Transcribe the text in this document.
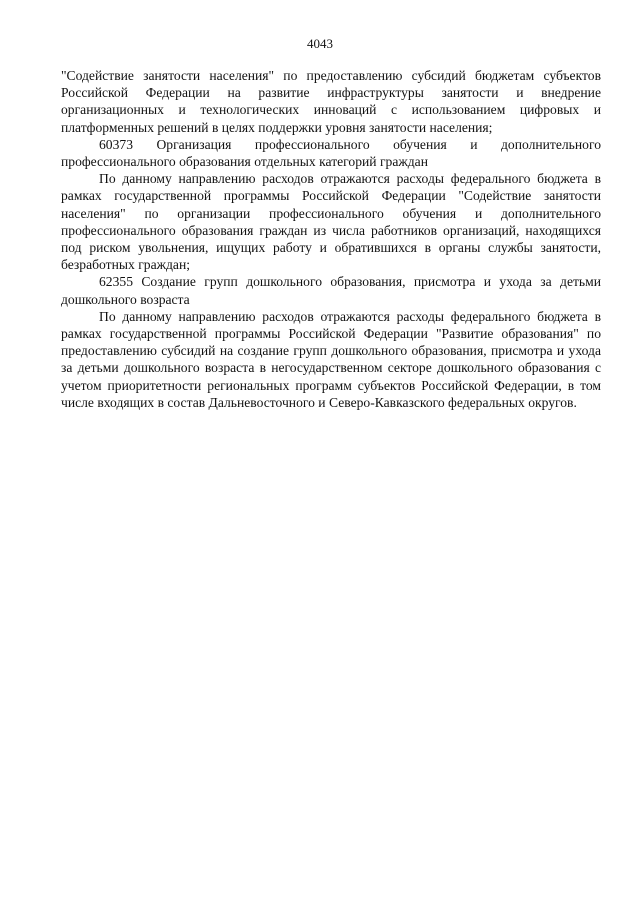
4043

"Содействие занятости населения" по предоставлению субсидий бюджетам субъектов Российской Федерации на развитие инфраструктуры занятости и внедрение организационных и технологических инноваций с использованием цифровых и платформенных решений в целях поддержки уровня занятости населения;

60373 Организация профессионального обучения и дополнительного профессионального образования отдельных категорий граждан

По данному направлению расходов отражаются расходы федерального бюджета в рамках государственной программы Российской Федерации "Содействие занятости населения" по организации профессионального обучения и дополнительного профессионального образования граждан из числа работников организаций, находящихся под риском увольнения, ищущих работу и обратившихся в органы службы занятости, безработных граждан;

62355 Создание групп дошкольного образования, присмотра и ухода за детьми дошкольного возраста

По данному направлению расходов отражаются расходы федерального бюджета в рамках государственной программы Российской Федерации "Развитие образования" по предоставлению субсидий на создание групп дошкольного образования, присмотра и ухода за детьми дошкольного возраста в негосударственном секторе дошкольного образования с учетом приоритетности региональных программ субъектов Российской Федерации, в том числе входящих в состав Дальневосточного и Северо-Кавказского федеральных округов.
